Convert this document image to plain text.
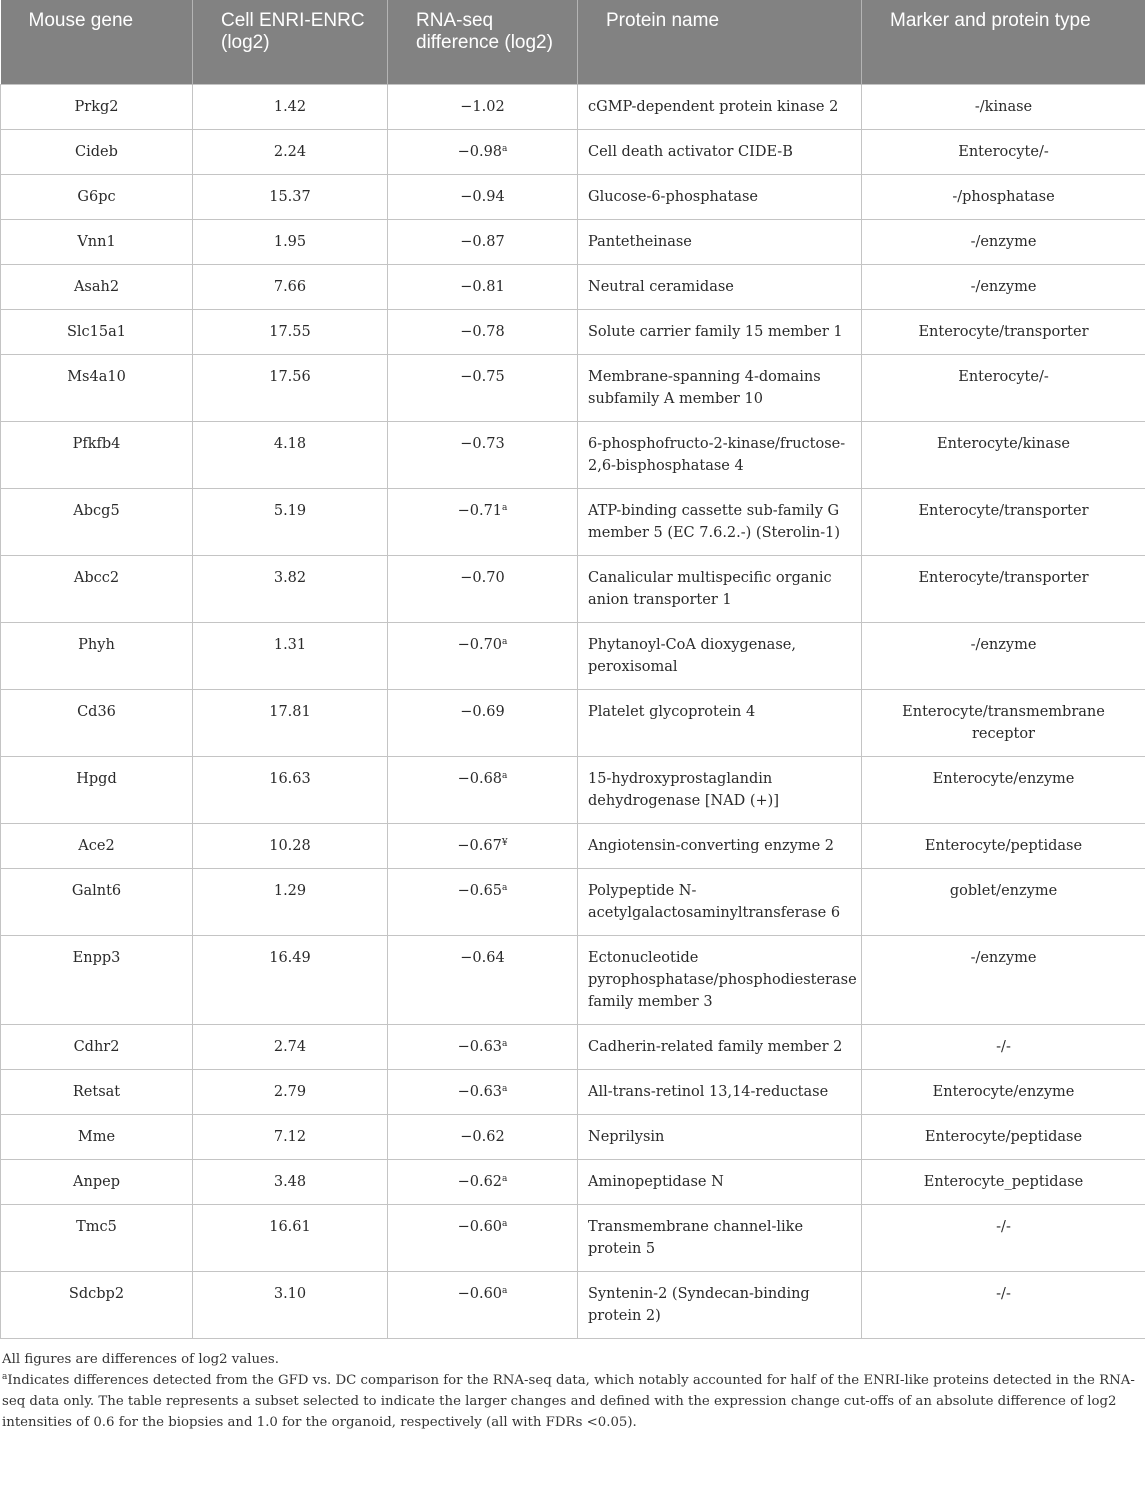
Mouse gene	Cell ENRI-ENRC (log2)	RNA-seq difference (log2)	Protein name	Marker and protein type
Prkg2	1.42	−1.02	cGMP-dependent protein kinase 2	-/kinase
Cideb	2.24	−0.98$^a$	Cell death activator CIDE-B	Enterocyte/-
G6pc	15.37	−0.94	Glucose-6-phosphatase	-/phosphatase
Vnn1	1.95	−0.87	Pantetheinase	-/enzyme
Asah2	7.66	−0.81	Neutral ceramidase	-/enzyme
Slc15a1	17.55	−0.78	Solute carrier family 15 member 1	Enterocyte/transporter
Ms4a10	17.56	−0.75	Membrane-spanning 4-domains subfamily A member 10	Enterocyte/-
Pfkfb4	4.18	−0.73	6-phosphofructo-2-kinase/fructose-2,6-bisphosphatase 4	Enterocyte/kinase
Abcg5	5.19	−0.71$^a$	ATP-binding cassette sub-family G member 5 (EC 7.6.2.-) (Sterolin-1)	Enterocyte/transporter
Abcc2	3.82	−0.70	Canalicular multispecific organic anion transporter 1	Enterocyte/transporter
Phyh	1.31	−0.70$^a$	Phytanoyl-CoA dioxygenase, peroxisomal	-/enzyme
Cd36	17.81	−0.69	Platelet glycoprotein 4	Enterocyte/transmembrane receptor
Hpgd	16.63	−0.68$^a$	15-hydroxyprostaglandin dehydrogenase [NAD (+)]	Enterocyte/enzyme
Ace2	10.28	−0.67¥	Angiotensin-converting enzyme 2	Enterocyte/peptidase
Galnt6	1.29	−0.65$^a$	Polypeptide N-acetylgalactosaminyltransferase 6	goblet/enzyme
Enpp3	16.49	−0.64	Ectonucleotide pyrophosphatase/phosphodiesterase family member 3	-/enzyme
Cdhr2	2.74	−0.63$^a$	Cadherin-related family member 2	-/-
Retsat	2.79	−0.63$^a$	All-trans-retinol 13,14-reductase	Enterocyte/enzyme
Mme	7.12	−0.62	Neprilysin	Enterocyte/peptidase
Anpep	3.48	−0.62$^a$	Aminopeptidase N	Enterocyte_peptidase
Tmc5	16.61	−0.60$^a$	Transmembrane channel-like protein 5	-/-
Sdcbp2	3.10	−0.60$^a$	Syntenin-2 (Syndecan-binding protein 2)	-/-

All figures are differences of log2 values.

$^a$Indicates differences detected from the GFD vs. DC comparison for the RNA-seq data, which notably accounted for half of the ENRI-like proteins detected in the RNA-seq data only. The table represents a subset selected to indicate the larger changes and defined with the expression change cut-offs of an absolute difference of log2 intensities of 0.6 for the biopsies and 1.0 for the organoid, respectively (all with FDRs <0.05).
